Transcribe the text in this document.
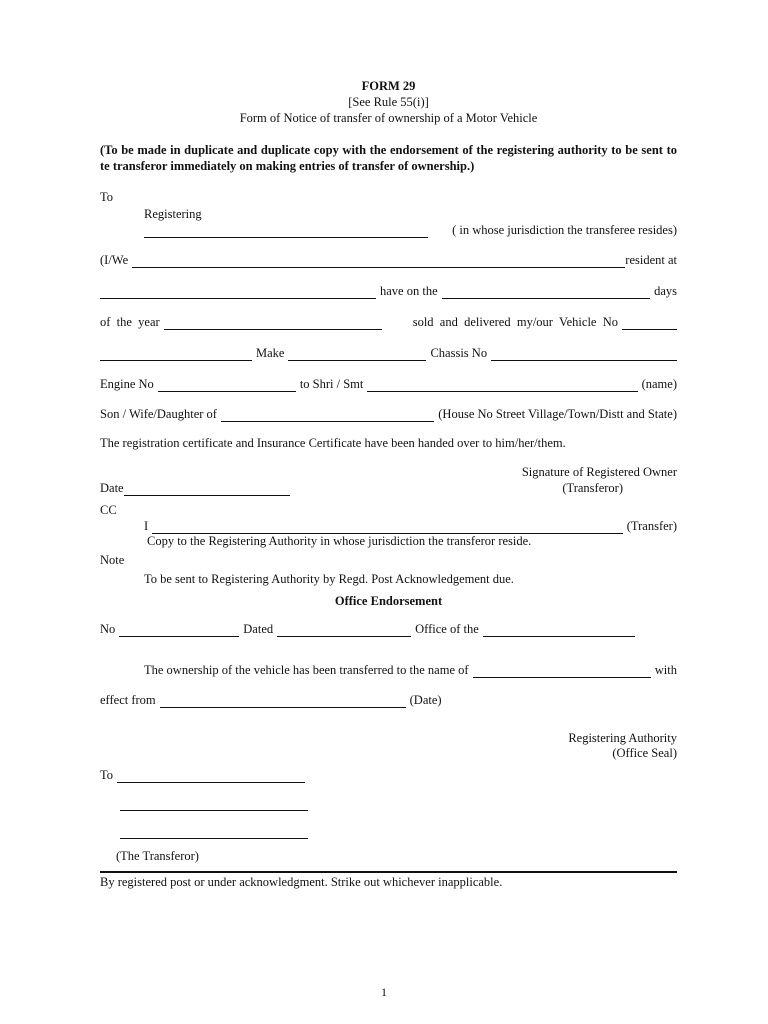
FORM 29

[See Rule 55(i)]

Form of Notice of transfer of ownership of a Motor Vehicle

(To be made in duplicate and duplicate copy with the endorsement of the registering authority to be sent to te transferor immediately on making entries of transfer of ownership.)

To

Registering

( in whose jurisdiction the transferee resides)
(I/We	resident at
have on the	days
of  the  year	sold  and  delivered  my/our  Vehicle  No
Make	Chassis No
Engine No	to Shri / Smt	(name)
Son / Wife/Daughter of	(House No Street Village/Town/Distt and State)

The registration certificate and Insurance Certificate have been handed over to him/her/them.

Signature of Registered Owner

Date	(Transferor)

CC

I	(Transfer)

Copy to the Registering Authority in whose jurisdiction the transferor reside.

Note

To be sent to Registering Authority by Regd. Post Acknowledgement due.

Office Endorsement

No	Dated	Office of the
The ownership of the vehicle has been transferred to the name of	with
effect from	(Date)

Registering Authority

(Office Seal)

To

(The Transferor)

By registered post or under acknowledgment. Strike out whichever inapplicable.

1
